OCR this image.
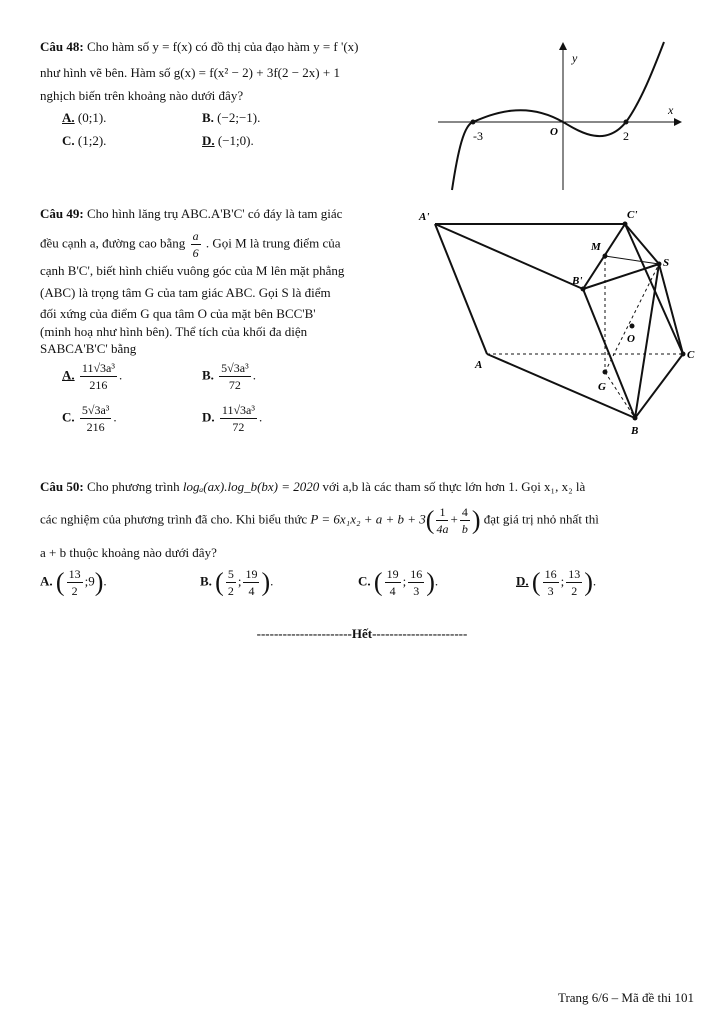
Câu 48: Cho hàm số y = f(x) có đồ thị của đạo hàm y = f '(x)
như hình vẽ bên. Hàm số g(x) = f(x² − 2) + 3f(2 − 2x) + 1
nghịch biến trên khoảng nào dưới đây?
A. (0;1).	B. (−2;−1).
C. (1;2).	D. (−1;0).
y
x
O
-3	2
Câu 49: Cho hình lăng trụ ABC.A'B'C' có đáy là tam giác
đều cạnh a, đường cao bằng $\frac{a}{6}$ . Gọi M là trung điểm của
cạnh B'C', biết hình chiếu vuông góc của M lên mặt phẳng
(ABC) là trọng tâm G của tam giác ABC. Gọi S là điểm
đối xứng của điểm G qua tâm O của mặt bên BCC'B'
(minh hoạ như hình bên). Thể tích của khối đa diện
SABCA'B'C' bằng
A. $\frac{\text{11√3a³}}{216}$ .	B. $\frac{\text{5√3a³}}{72}$ .
C. $\frac{\text{5√3a³}}{216}$ .	D. $\frac{\text{11√3a³}}{72}$ .
A'	C'
M
B'
S
O
A
C
G
B
Câu 50: Cho phương trình logₐ(ax).log_b(bx) = 2020 với a,b là các tham số thực lớn hơn 1. Gọi x₁, x₂ là
các nghiệm của phương trình đã cho. Khi biểu thức $P = 6x_1x_2 + a + b + 3( \frac{1}{4a} + \frac{4}{b}$ ) đạt giá trị nhỏ nhất thì
a + b thuộc khoảng nào dưới đây?
A. ( $\frac{13}{2}$ ;9).	B. ( $\frac{5}{2}$ ; $\frac{19}{4}$ ).	C. ( $\frac{19}{4}$ ; $\frac{16}{3}$ ).	D. ( $\frac{16}{3}$ ; $\frac{13}{2}$ ).
----------------------Hết----------------------
Trang 6/6 – Mã đề thi 101
